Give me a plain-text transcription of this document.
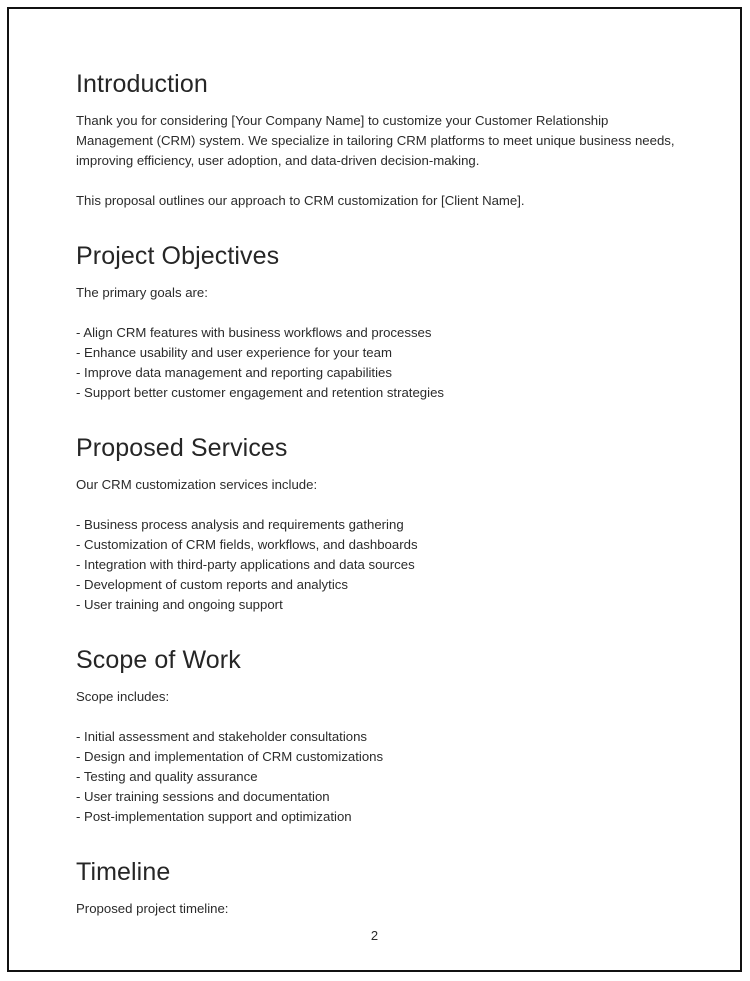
Introduction

Thank you for considering [Your Company Name] to customize your Customer Relationship Management (CRM) system. We specialize in tailoring CRM platforms to meet unique business needs, improving efficiency, user adoption, and data-driven decision-making.

This proposal outlines our approach to CRM customization for [Client Name].

Project Objectives

The primary goals are:

- Align CRM features with business workflows and processes
- Enhance usability and user experience for your team
- Improve data management and reporting capabilities
- Support better customer engagement and retention strategies
Proposed Services

Our CRM customization services include:

- Business process analysis and requirements gathering
- Customization of CRM fields, workflows, and dashboards
- Integration with third-party applications and data sources
- Development of custom reports and analytics
- User training and ongoing support
Scope of Work

Scope includes:

- Initial assessment and stakeholder consultations
- Design and implementation of CRM customizations
- Testing and quality assurance
- User training sessions and documentation
- Post-implementation support and optimization
Timeline

Proposed project timeline:

2
